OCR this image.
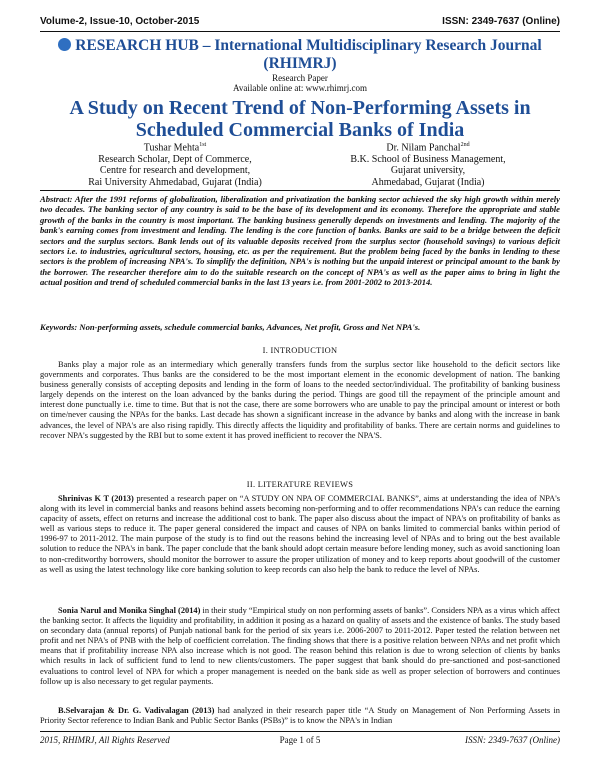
Volume-2, Issue-10, October-2015	ISSN: 2349-7637 (Online)
RESEARCH HUB – International Multidisciplinary Research Journal
(RHIMRJ)
Research Paper
Available online at: www.rhimrj.com
A Study on Recent Trend of Non-Performing Assets in
Scheduled Commercial Banks of India
Tushar Mehta$^{1st}$
Research Scholar, Dept of Commerce,
Centre for research and development,
Rai University Ahmedabad, Gujarat (India)
Dr. Nilam Panchal$^{2nd}$
B.K. School of Business Management,
Gujarat university,
Ahmedabad, Gujarat (India)
Abstract: After the 1991 reforms of globalization, liberalization and privatization the banking sector achieved the sky high growth within merely two decades. The banking sector of any country is said to be the base of its development and its economy. Therefore the appropriate and stable growth of the banks in the country is most important. The banking business generally depends on investments and lending. The majority of the bank's earning comes from investment and lending. The lending is the core function of banks. Banks are said to be a bridge between the deficit sectors and the surplus sectors. Bank lends out of its valuable deposits received from the surplus sector (household savings) to various deficit sectors i.e. to industries, agricultural sectors, housing, etc. as per the requirement. But the problem being faced by the banks in lending to these sectors is the problem of increasing NPA's. To simplify the definition, NPA's is nothing but the unpaid interest or principal amount to the bank by the borrower. The researcher therefore aim to do the suitable research on the concept of NPA's as well as the paper aims to bring in light the actual position and trend of scheduled commercial banks in the last 13 years i.e. from 2001-2002 to 2013-2014.
Keywords: Non-performing assets, schedule commercial banks, Advances, Net profit, Gross and Net NPA's.
I. INTRODUCTION
Banks play a major role as an intermediary which generally transfers funds from the surplus sector like household to the deficit sectors like governments and corporates. Thus banks are the considered to be the most important element in the economic development of nation. The banking business generally consists of accepting deposits and lending in the form of loans to the needed sector/individual. The profitability of banking business largely depends on the interest on the loan advanced by the banks during the period. Things are good till the repayment of the principle amount and interest done punctually i.e. time to time. But that is not the case, there are some borrowers who are unable to pay the principal amount or interest or both on time/never causing the NPAs for the banks. Last decade has shown a significant increase in the advance by banks and along with the increase in bank advances, the level of NPA's are also rising rapidly. This directly affects the liquidity and profitability of banks. There are certain norms and guidelines to recover NPA's suggested by the RBI but to some extent it has proved inefficient to recover the NPA'S.
II. LITERATURE REVIEWS
Shrinivas K T (2013) presented a research paper on “A STUDY ON NPA OF COMMERCIAL BANKS”, aims at understanding the idea of NPA's along with its level in commercial banks and reasons behind assets becoming non-performing and to offer recommendations NPA's can reduce the earning capacity of assets, effect on returns and increase the additional cost to bank. The paper also discuss about the impact of NPA's on profitability of banks as well as various steps to reduce it. The paper general considered the impact and causes of NPA on banks limited to commercial banks within period of 1996-97 to 2011-2012. The main purpose of the study is to find out the reasons behind the increasing level of NPAs and to bring out the best available solution to reduce the NPA's in bank. The paper conclude that the bank should adopt certain measure before lending money, such as avoid sanctioning loan to non-creditworthy borrowers, should monitor the borrower to assure the proper utilization of money and to keep reports about goodwill of the customer as well as using the latest technology like core banking solution to keep records can also help the bank to reduce the level of NPAs.
Sonia Narul and Monika Singhal (2014) in their study “Empirical study on non performing assets of banks”. Considers NPA as a virus which affect the banking sector. It affects the liquidity and profitability, in addition it posing as a hazard on quality of assets and the existence of banks. The study based on secondary data (annual reports) of Punjab national bank for the period of six years i.e. 2006-2007 to 2011-2012. Paper tested the relation between net profit and net NPA's of PNB with the help of coefficient correlation. The finding shows that there is a positive relation between NPAs and net profit which means that if profitability increase NPA also increase which is not good. The reason behind this relation is due to wrong selection of clients by banks which results in lack of sufficient fund to lend to new clients/customers. The paper suggest that bank should do pre-sanctioned and post-sanctioned evaluations to control level of NPA for which a proper management is needed on the bank side as well as proper selection of borrowers and continues follow up is also necessary to get regular payments.
B.Selvarajan & Dr. G. Vadivalagan (2013) had analyzed in their research paper title “A Study on Management of Non Performing Assets in Priority Sector reference to Indian Bank and Public Sector Banks (PSBs)” is to know the NPA's in Indian
2015, RHIMRJ, All Rights Reserved	Page 1 of 5	ISSN: 2349-7637 (Online)
